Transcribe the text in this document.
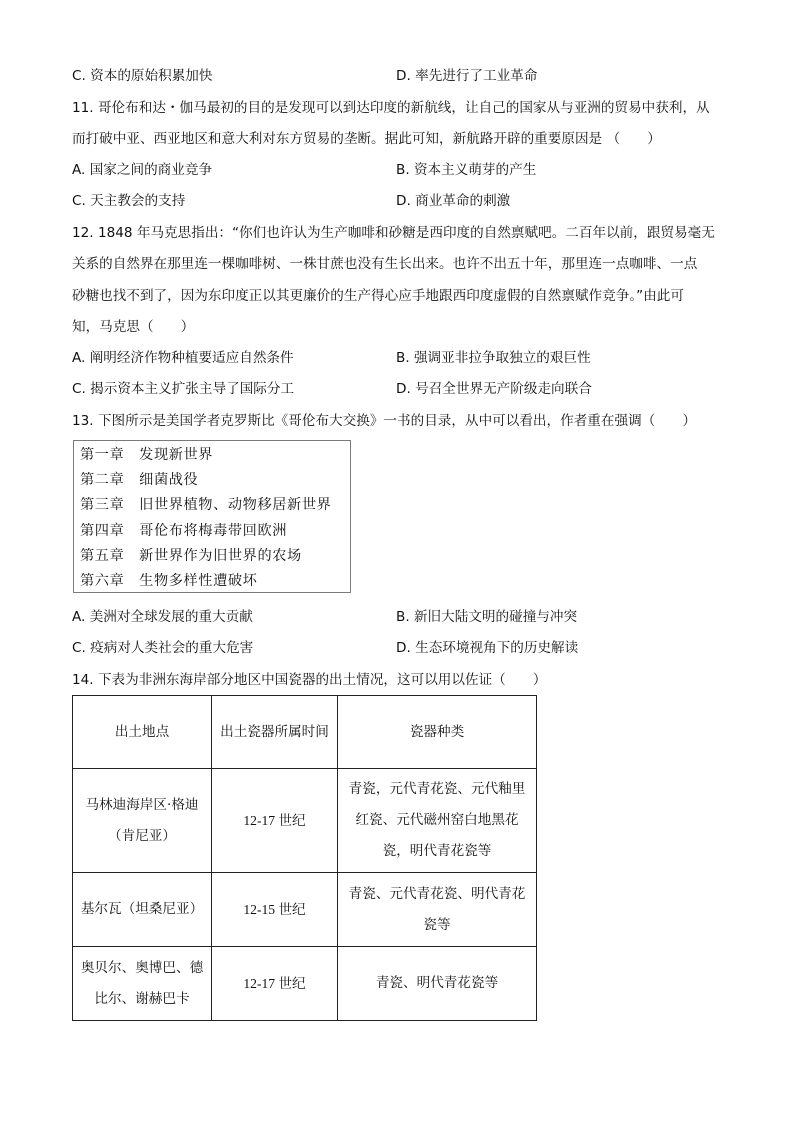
C. 资本的原始积累加快	D. 率先进行了工业革命
11. 哥伦布和达・伽马最初的目的是发现可以到达印度的新航线，让自己的国家从与亚洲的贸易中获利，从
而打破中亚、西亚地区和意大利对东方贸易的垄断。据此可知，新航路开辟的重要原因是 （　　）
A. 国家之间的商业竞争	B. 资本主义萌芽的产生
C. 天主教会的支持	D. 商业革命的刺激
12. 1848 年马克思指出：“你们也许认为生产咖啡和砂糖是西印度的自然禀赋吧。二百年以前，跟贸易毫无
关系的自然界在那里连一棵咖啡树、一株甘蔗也没有生长出来。也许不出五十年，那里连一点咖啡、一点
砂糖也找不到了，因为东印度正以其更廉价的生产得心应手地跟西印度虚假的自然禀赋作竞争。”由此可
知，马克思（　　）
A. 阐明经济作物种植要适应自然条件	B. 强调亚非拉争取独立的艰巨性
C. 揭示资本主义扩张主导了国际分工	D. 号召全世界无产阶级走向联合
13. 下图所示是美国学者克罗斯比《哥伦布大交换》一书的目录，从中可以看出，作者重在强调（　　）
第一章　发现新世界
第二章　细菌战役
第三章　旧世界植物、动物移居新世界
第四章　哥伦布将梅毒带回欧洲
第五章　新世界作为旧世界的农场
第六章　生物多样性遭破坏
A. 美洲对全球发展的重大贡献	B. 新旧大陆文明的碰撞与冲突
C. 疫病对人类社会的重大危害	D. 生态环境视角下的历史解读
14. 下表为非洲东海岸部分地区中国瓷器的出土情况，这可以用以佐证（　　）
出土地点	出土瓷器所属时间	瓷器种类
马林迪海岸区·格迪（肯尼亚）	12-17 世纪	青瓷，元代青花瓷、元代釉里红瓷、元代磁州窑白地黑花瓷，明代青花瓷等
基尔瓦（坦桑尼亚）	12-15 世纪	青瓷、元代青花瓷、明代青花瓷等
奥贝尔、奥博巴、德比尔、谢赫巴卡	12-17 世纪	青瓷、明代青花瓷等
